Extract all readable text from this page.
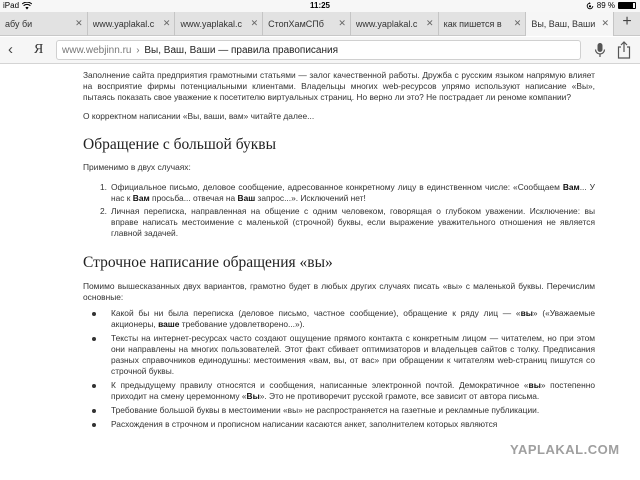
iPad	11:25	89 %
абу би	✕ www.yaplakal.c ✕ www.yaplakal.c ✕ СтопХамСПб	✕ www.yaplakal.c ✕ как пишется в	✕ Вы, Ваш, Ваши ✕ +
‹ Я	www.webjinn.ru › Вы, Ваш, Ваши — правила правописания

Заполнение сайта предприятия грамотными статьями — залог качественной работы. Дружба с русским языком напрямую влияет на восприятие фирмы потенциальными клиентами. Владельцы многих web-ресурсов упрямо используют написание «Вы», пытаясь показать свое уважение к посетителю виртуальных страниц. Но верно ли это? Не пострадает ли реноме компании?

О корректном написании «Вы, ваши, вам» читайте далее...

Обращение с большой буквы

Применимо в двух случаях:

1. Официальное письмо, деловое сообщение, адресованное конкретному лицу в единственном числе: «Сообщаем Вам... У нас к Вам просьба... отвечая на Ваш запрос...». Исключений нет!
2. Личная переписка, направленная на общение с одним человеком, говорящая о глубоком уважении. Исключение: вы вправе написать местоимение с маленькой (строчной) буквы, если выражение уважительного отношения не является главной задачей.
Строчное написание обращения «вы»

Помимо вышесказанных двух вариантов, грамотно будет в любых других случаях писать «вы» с маленькой буквы. Перечислим основные:

Какой бы ни была переписка (деловое письмо, частное сообщение), обращение к ряду лиц — «вы» («Уважаемые акционеры, ваше требование удовлетворено...»).
Тексты на интернет-ресурсах часто создают ощущение прямого контакта с конкретным лицом — читателем, но при этом они направлены на многих пользователей. Этот факт сбивает оптимизаторов и владельцев сайтов с толку. Предписания разных справочников единодушны: местоимения «вам, вы, от вас» при обращении к читателям web-страниц пишутся со строчной буквы.
К предыдущему правилу относятся и сообщения, написанные электронной почтой. Демократичное «вы» постепенно приходит на смену церемонному «Вы». Это не противоречит русской грамоте, все зависит от автора письма.
Требование большой буквы в местоимении «вы» не распространяется на газетные и рекламные публикации.
Расхождения в строчном и прописном написании касаются анкет, заполнителем которых являются
YAPLAKAL.COM
